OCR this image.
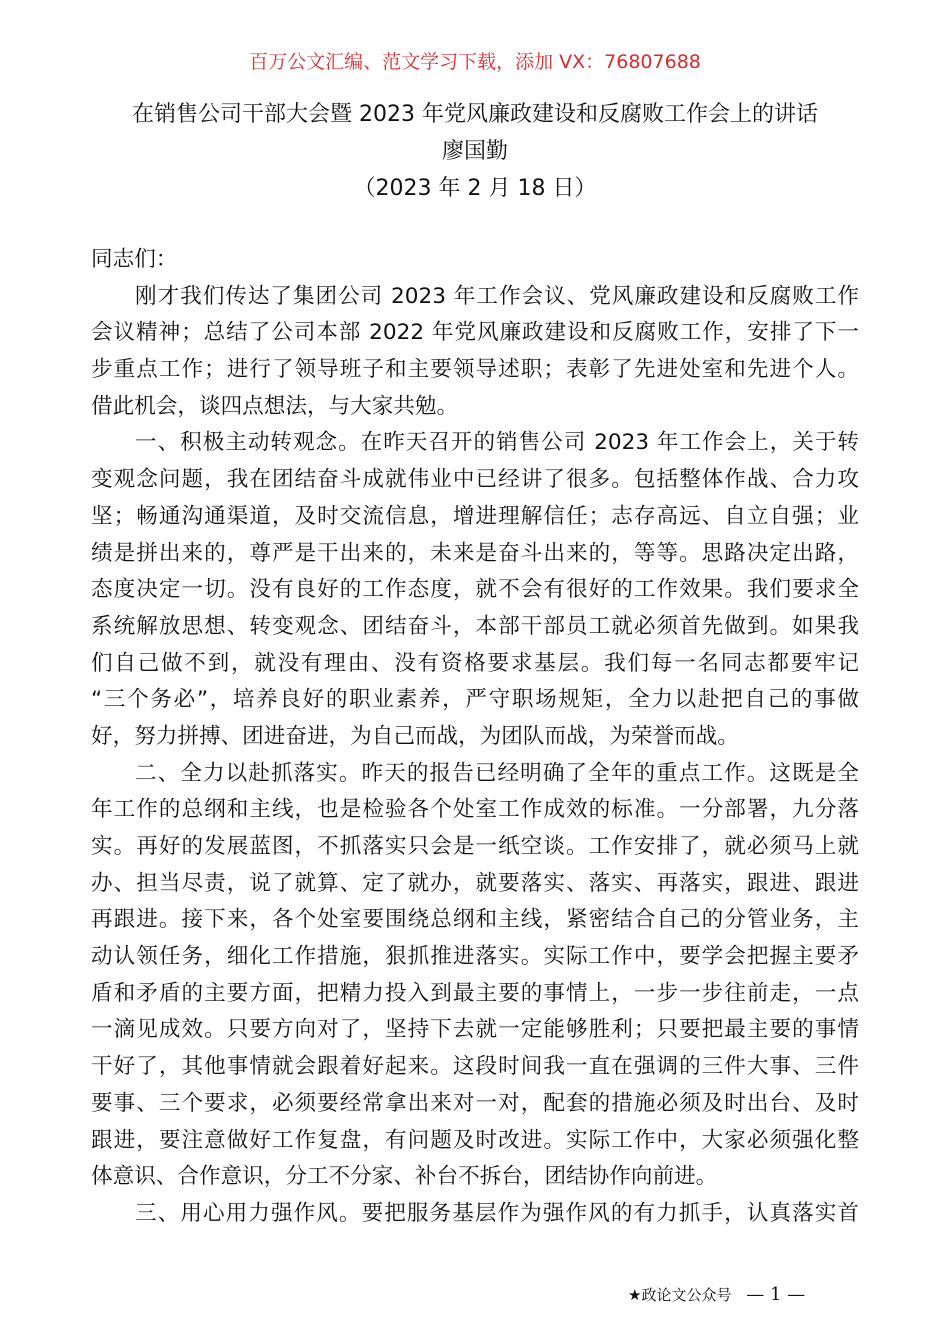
百万公文汇编、范文学习下载，添加 VX：76807688
在销售公司干部大会暨 2023 年党风廉政建设和反腐败工作会上的讲话
廖国勤
（2023 年 2 月 18 日）
同志们：
刚才我们传达了集团公司 2023 年工作会议、党风廉政建设和反腐败工作
会议精神；总结了公司本部 2022 年党风廉政建设和反腐败工作，安排了下一
步重点工作；进行了领导班子和主要领导述职；表彰了先进处室和先进个人。
借此机会，谈四点想法，与大家共勉。
一、积极主动转观念。在昨天召开的销售公司 2023 年工作会上，关于转
变观念问题，我在团结奋斗成就伟业中已经讲了很多。包括整体作战、合力攻
坚；畅通沟通渠道，及时交流信息，增进理解信任；志存高远、自立自强；业
绩是拼出来的，尊严是干出来的，未来是奋斗出来的，等等。思路决定出路，
态度决定一切。没有良好的工作态度，就不会有很好的工作效果。我们要求全
系统解放思想、转变观念、团结奋斗，本部干部员工就必须首先做到。如果我
们自己做不到，就没有理由、没有资格要求基层。我们每一名同志都要牢记
“三个务必”，培养良好的职业素养，严守职场规矩，全力以赴把自己的事做
好，努力拼搏、团进奋进，为自己而战，为团队而战，为荣誉而战。
二、全力以赴抓落实。昨天的报告已经明确了全年的重点工作。这既是全
年工作的总纲和主线，也是检验各个处室工作成效的标准。一分部署，九分落
实。再好的发展蓝图，不抓落实只会是一纸空谈。工作安排了，就必须马上就
办、担当尽责，说了就算、定了就办，就要落实、落实、再落实，跟进、跟进
再跟进。接下来，各个处室要围绕总纲和主线，紧密结合自己的分管业务，主
动认领任务，细化工作措施，狠抓推进落实。实际工作中，要学会把握主要矛
盾和矛盾的主要方面，把精力投入到最主要的事情上，一步一步往前走，一点
一滴见成效。只要方向对了，坚持下去就一定能够胜利；只要把最主要的事情
干好了，其他事情就会跟着好起来。这段时间我一直在强调的三件大事、三件
要事、三个要求，必须要经常拿出来对一对，配套的措施必须及时出台、及时
跟进，要注意做好工作复盘，有问题及时改进。实际工作中，大家必须强化整
体意识、合作意识，分工不分家、补台不拆台，团结协作向前进。
三、用心用力强作风。要把服务基层作为强作风的有力抓手，认真落实首
★政论文公众号 — 1 —
